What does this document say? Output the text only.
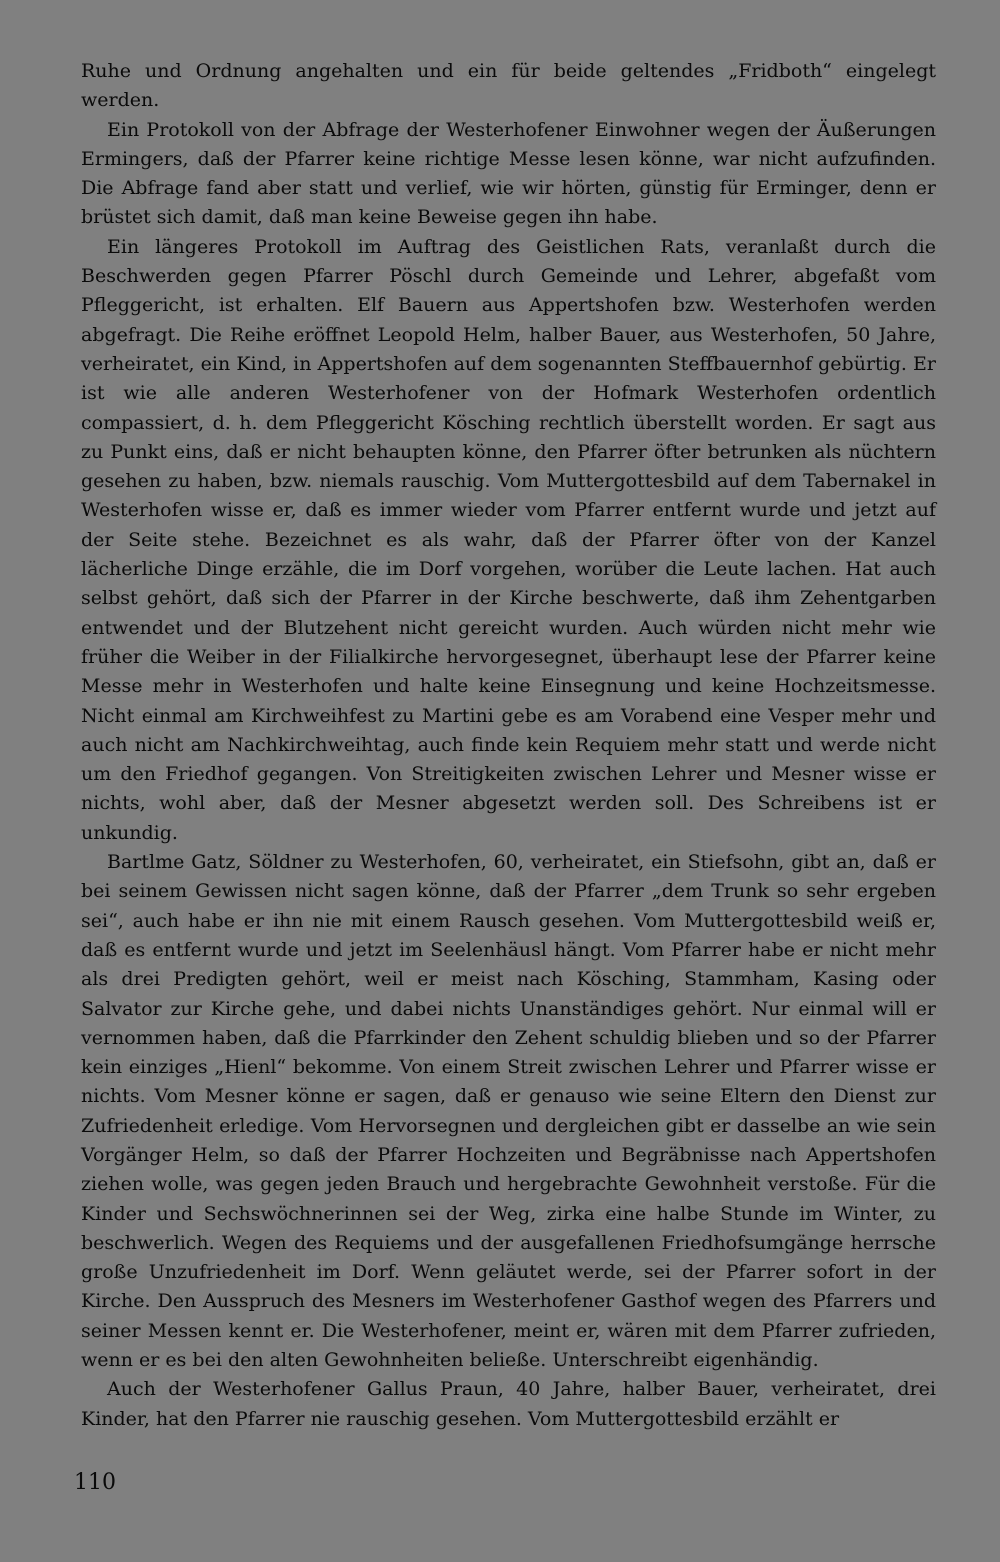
Ruhe und Ordnung angehalten und ein für beide geltendes „Fridboth“ eingelegt werden.

Ein Protokoll von der Abfrage der Westerhofener Einwohner wegen der Äußerungen Ermingers, daß der Pfarrer keine richtige Messe lesen könne, war nicht aufzufinden. Die Abfrage fand aber statt und verlief, wie wir hörten, günstig für Erminger, denn er brüstet sich damit, daß man keine Beweise gegen ihn habe.

Ein längeres Protokoll im Auftrag des Geistlichen Rats, veranlaßt durch die Beschwerden gegen Pfarrer Pöschl durch Gemeinde und Lehrer, abgefaßt vom Pfleggericht, ist erhalten. Elf Bauern aus Appertshofen bzw. Westerhofen werden abgefragt. Die Reihe eröffnet Leopold Helm, halber Bauer, aus Westerhofen, 50 Jahre, verheiratet, ein Kind, in Appertshofen auf dem sogenannten Steffbauernhof gebürtig. Er ist wie alle anderen Westerhofener von der Hofmark Westerhofen ordentlich compassiert, d. h. dem Pfleggericht Kösching rechtlich überstellt worden. Er sagt aus zu Punkt eins, daß er nicht behaupten könne, den Pfarrer öfter betrunken als nüchtern gesehen zu haben, bzw. niemals rauschig. Vom Muttergottesbild auf dem Tabernakel in Westerhofen wisse er, daß es immer wieder vom Pfarrer entfernt wurde und jetzt auf der Seite stehe. Bezeichnet es als wahr, daß der Pfarrer öfter von der Kanzel lächerliche Dinge erzähle, die im Dorf vorgehen, worüber die Leute lachen. Hat auch selbst gehört, daß sich der Pfarrer in der Kirche beschwerte, daß ihm Zehentgarben entwendet und der Blutzehent nicht gereicht wurden. Auch würden nicht mehr wie früher die Weiber in der Filialkirche hervorgesegnet, überhaupt lese der Pfarrer keine Messe mehr in Westerhofen und halte keine Einsegnung und keine Hochzeitsmesse. Nicht einmal am Kirchweihfest zu Martini gebe es am Vorabend eine Vesper mehr und auch nicht am Nachkirchweihtag, auch finde kein Requiem mehr statt und werde nicht um den Friedhof gegangen. Von Streitigkeiten zwischen Lehrer und Mesner wisse er nichts, wohl aber, daß der Mesner abgesetzt werden soll. Des Schreibens ist er unkundig.

Bartlme Gatz, Söldner zu Westerhofen, 60, verheiratet, ein Stiefsohn, gibt an, daß er bei seinem Gewissen nicht sagen könne, daß der Pfarrer „dem Trunk so sehr ergeben sei“, auch habe er ihn nie mit einem Rausch gesehen. Vom Muttergottesbild weiß er, daß es entfernt wurde und jetzt im Seelenhäusl hängt. Vom Pfarrer habe er nicht mehr als drei Predigten gehört, weil er meist nach Kösching, Stammham, Kasing oder Salvator zur Kirche gehe, und dabei nichts Unanständiges gehört. Nur einmal will er vernommen haben, daß die Pfarrkinder den Zehent schuldig blieben und so der Pfarrer kein einziges „Hienl“ bekomme. Von einem Streit zwischen Lehrer und Pfarrer wisse er nichts. Vom Mesner könne er sagen, daß er genauso wie seine Eltern den Dienst zur Zufriedenheit erledige. Vom Hervorsegnen und dergleichen gibt er dasselbe an wie sein Vorgänger Helm, so daß der Pfarrer Hochzeiten und Begräbnisse nach Appertshofen ziehen wolle, was gegen jeden Brauch und hergebrachte Gewohnheit verstoße. Für die Kinder und Sechswöchnerinnen sei der Weg, zirka eine halbe Stunde im Winter, zu beschwerlich. Wegen des Requiems und der ausgefallenen Friedhofsumgänge herrsche große Unzufriedenheit im Dorf. Wenn geläutet werde, sei der Pfarrer sofort in der Kirche. Den Ausspruch des Mesners im Westerhofener Gasthof wegen des Pfarrers und seiner Messen kennt er. Die Westerhofener, meint er, wären mit dem Pfarrer zufrieden, wenn er es bei den alten Gewohnheiten beließe. Unterschreibt eigenhändig.

Auch der Westerhofener Gallus Praun, 40 Jahre, halber Bauer, verheiratet, drei Kinder, hat den Pfarrer nie rauschig gesehen. Vom Muttergottesbild erzählt er

110
